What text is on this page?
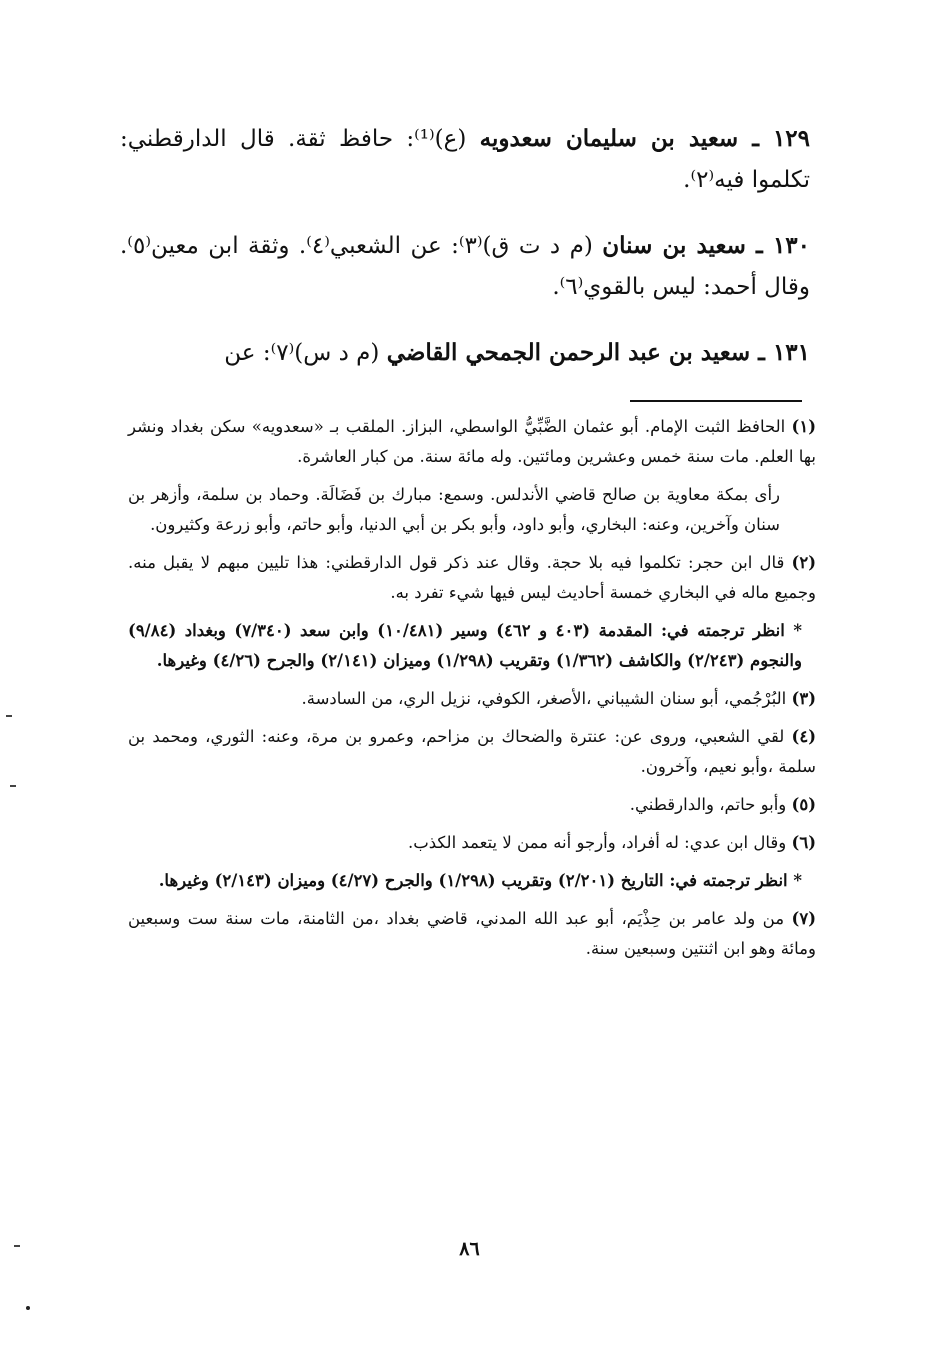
١٢٩ ـ سعيد بن سليمان سعدويه (ع)⁽¹⁾: حافظ ثقة. قال الدارقطني: تكلموا فيه⁽٢⁾.

١٣٠ ـ سعيد بن سنان (م د ت ق)⁽٣⁾: عن الشعبي⁽٤⁾. وثقة ابن معين⁽٥⁾. وقال أحمد: ليس بالقوي⁽٦⁾.

١٣١ ـ سعيد بن عبد الرحمن الجمحي القاضي (م د س)⁽٧⁾: عن

(١) الحافظ الثبت الإمام. أبو عثمان الضَّبِّيُّ الواسطي، البزاز. الملقب بـ «سعدويه» سكن بغداد ونشر بها العلم. مات سنة خمس وعشرين ومائتين. وله مائة سنة. من كبار العاشرة.

رأى بمكة معاوية بن صالح قاضي الأندلس. وسمع: مبارك بن فَضَالَة. وحماد بن سلمة، وأزهر بن سنان وآخرين، وعنه: البخاري، وأبو داود، وأبو بكر بن أبي الدنيا، وأبو حاتم، وأبو زرعة وكثيرون.

(٢) قال ابن حجر: تكلموا فيه بلا حجة. وقال عند ذكر قول الدارقطني: هذا تليين مبهم لا يقبل منه. وجميع ماله في البخاري خمسة أحاديث ليس فيها شيء تفرد به.

* انظر ترجمته في: المقدمة (٤٠٣ و ٤٦٢) وسير (١٠/٤٨١) وابن سعد (٧/٣٤٠) وبغداد (٩/٨٤) والنجوم (٢/٢٤٣) والكاشف (١/٣٦٢) وتقريب (١/٢٩٨) وميزان (٢/١٤١) والجرح (٤/٢٦) وغيرها.

(٣) البُرْجُمي، أبو سنان الشيباني ،الأصغر، الكوفي، نزيل الري، من السادسة.

(٤) لقي الشعبي، وروى عن: عنترة والضحاك بن مزاحم، وعمرو بن مرة، وعنه: الثوري، ومحمد بن سلمة ،وأبو نعيم، وآخرون.

(٥) وأبو حاتم، والدارقطني.

(٦) وقال ابن عدي: له أفراد، وأرجو أنه ممن لا يتعمد الكذب.

* انظر ترجمته في: التاريخ (٢/٢٠١) وتقريب (١/٢٩٨) والجرح (٤/٢٧) وميزان (٢/١٤٣) وغيرها.

(٧) من ولد عامر بن حِذْيَم، أبو عبد الله المدني، قاضي بغداد ،من الثامنة، مات سنة ست وسبعين ومائة وهو ابن اثنتين وسبعين سنة.

٨٦
